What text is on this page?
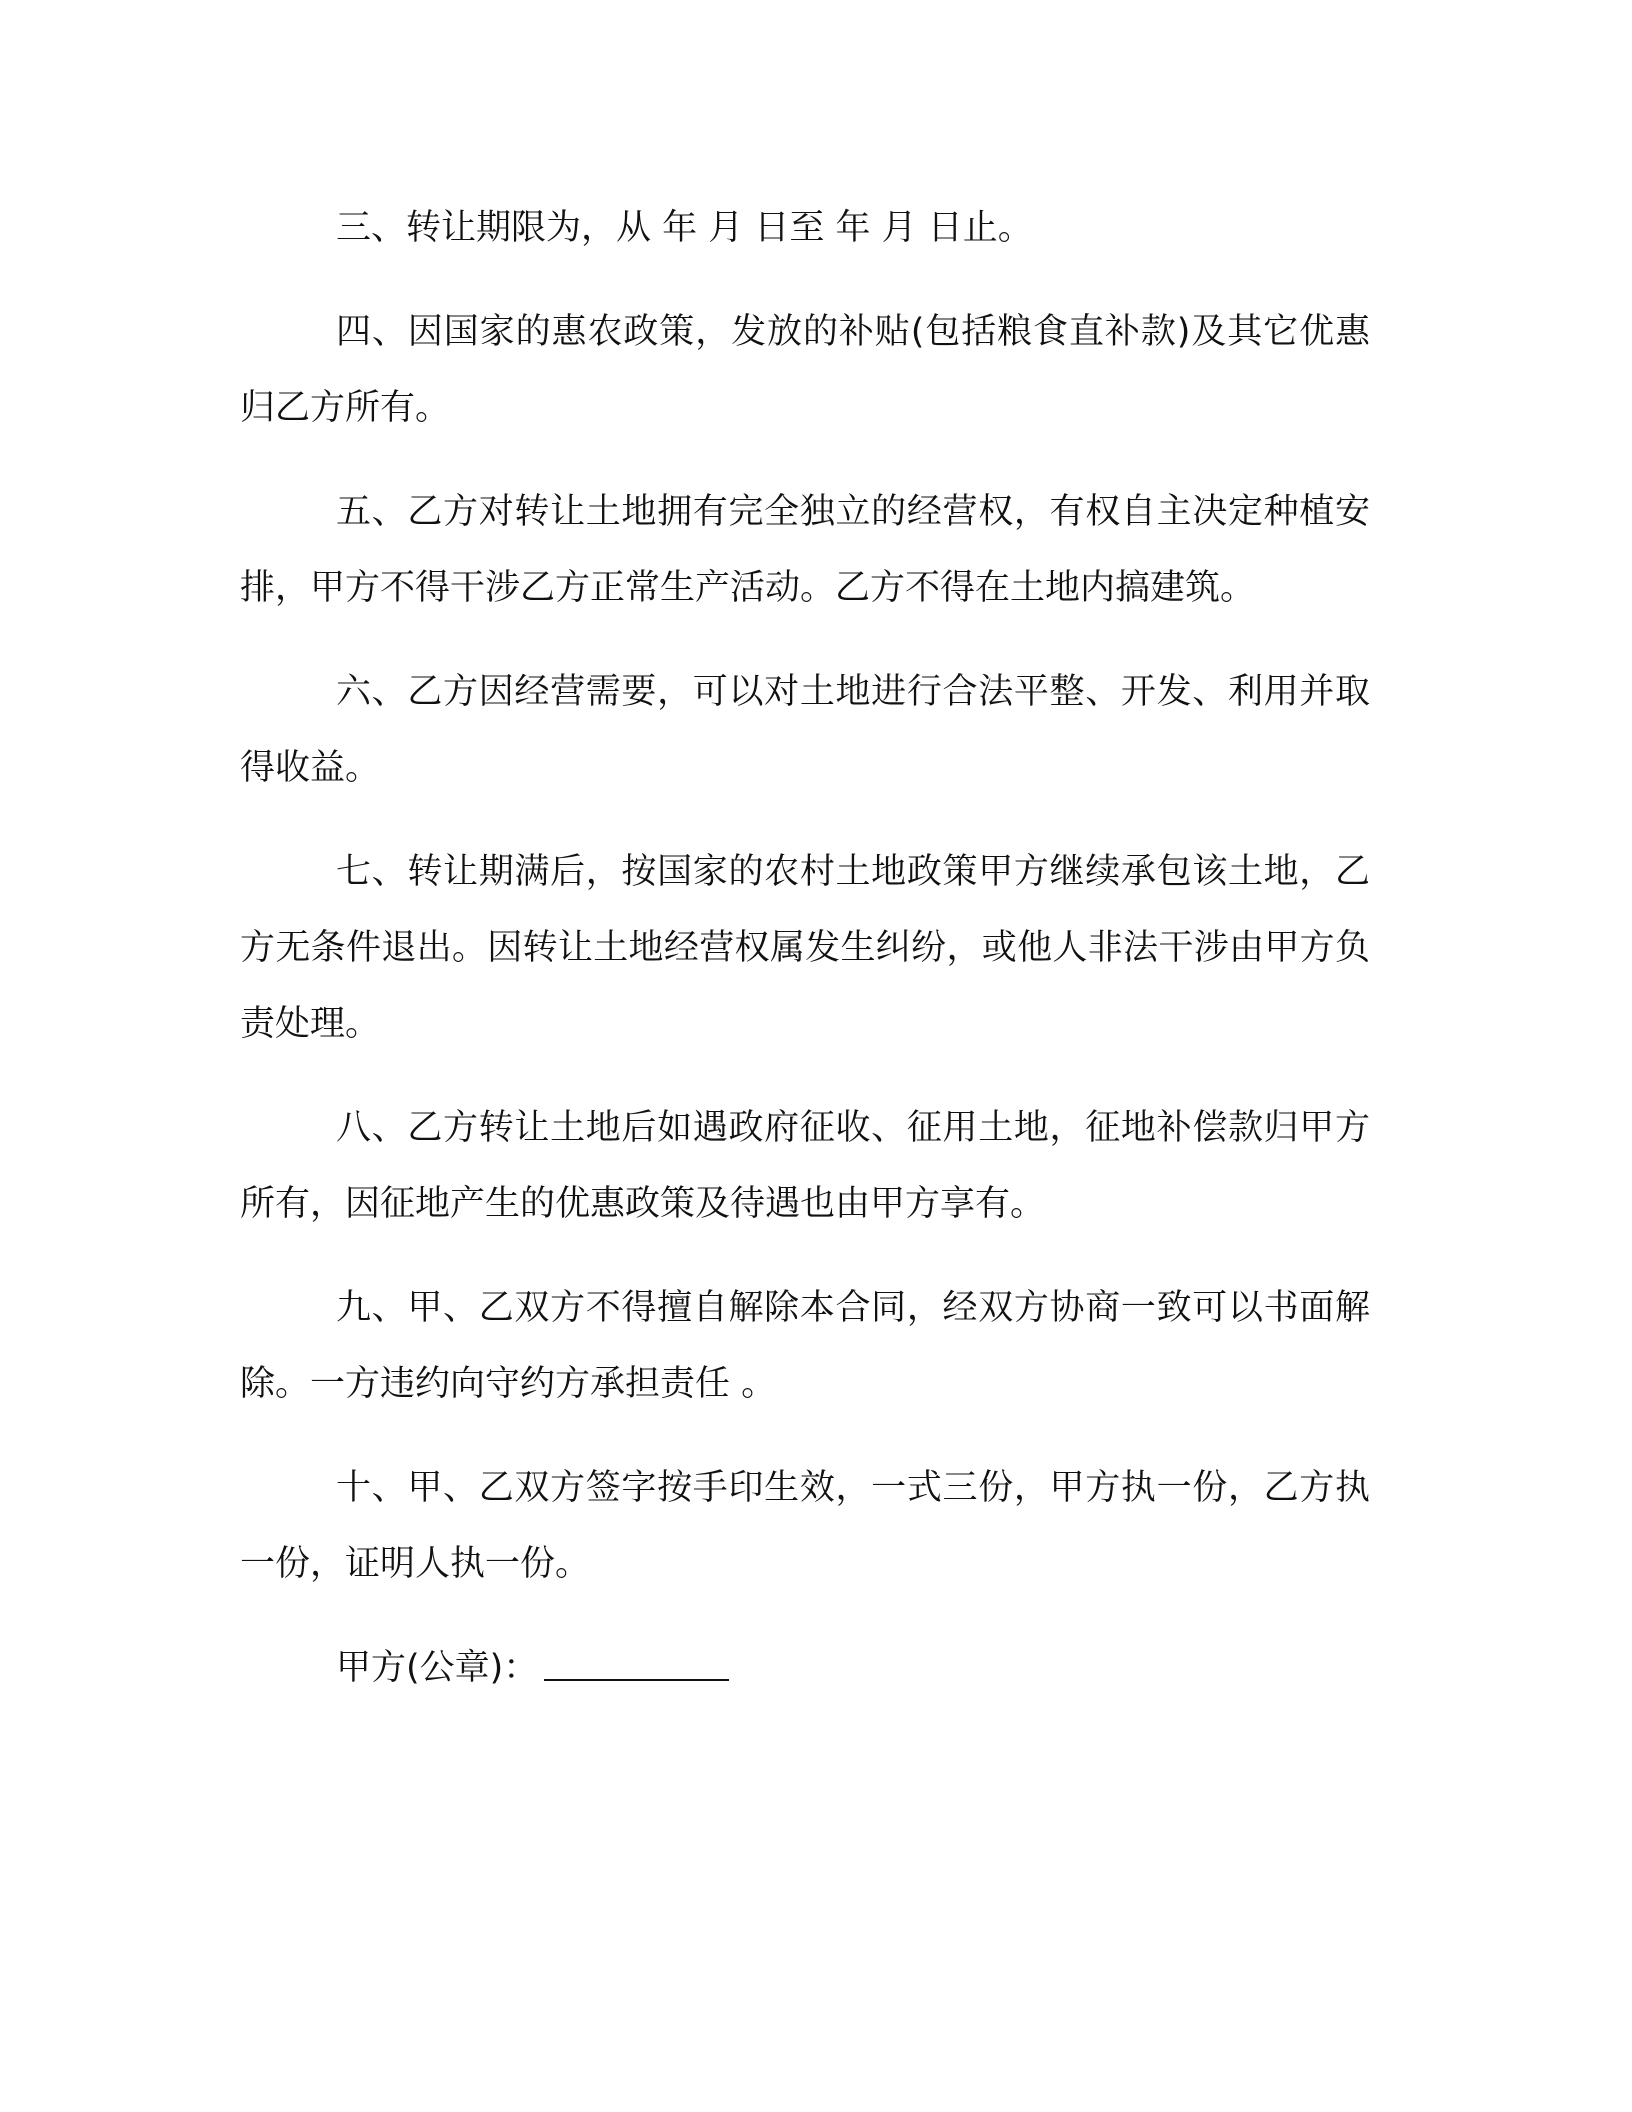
三、转让期限为，从 年 月 日至 年 月 日止。

四、因国家的惠农政策，发放的补贴(包括粮食直补款)及其它优惠归乙方所有。

五、乙方对转让土地拥有完全独立的经营权，有权自主决定种植安排，甲方不得干涉乙方正常生产活动。乙方不得在土地内搞建筑。

六、乙方因经营需要，可以对土地进行合法平整、开发、利用并取得收益。

七、转让期满后，按国家的农村土地政策甲方继续承包该土地，乙方无条件退出。因转让土地经营权属发生纠纷，或他人非法干涉由甲方负责处理。

八、乙方转让土地后如遇政府征收、征用土地，征地补偿款归甲方所有，因征地产生的优惠政策及待遇也由甲方享有。

九、甲、乙双方不得擅自解除本合同，经双方协商一致可以书面解除。一方违约向守约方承担责任 。

十、甲、乙双方签字按手印生效，一式三份，甲方执一份，乙方执一份，证明人执一份。

甲方(公章)：
